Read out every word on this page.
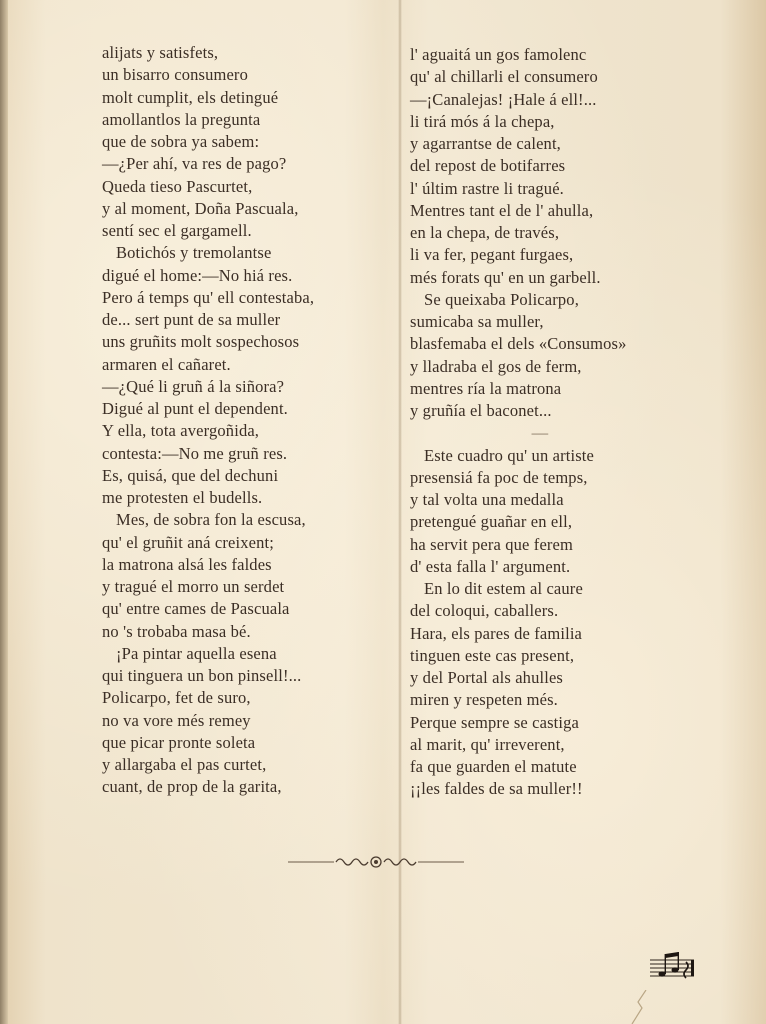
alijats y satisfets,
un bisarro consumero
molt cumplit, els detingué
amollantlos la pregunta
que de sobra ya sabem:
—¿Per ahí, va res de pago?
Queda tieso Pascurtet,
y al moment, Doña Pascuala,
sentí sec el gargamell.
Botichós y tremolantse
digué el home:—No hiá res.
Pero á temps qu' ell contestaba,
de... sert punt de sa muller
uns gruñits molt sospechosos
armaren el cañaret.
—¿Qué li gruñ á la siñora?
Digué al punt el dependent.
Y ella, tota avergoñida,
contesta:—No me gruñ res.
Es, quisá, que del dechuni
me protesten el budells.
Mes, de sobra fon la escusa,
qu' el gruñit aná creixent;
la matrona alsá les faldes
y tragué el morro un serdet
qu' entre cames de Pascuala
no 's trobaba masa bé.
¡Pa pintar aquella esena
qui tinguera un bon pinsell!...
Policarpo, fet de suro,
no va vore més remey
que picar pronte soleta
y allargaba el pas curtet,
cuant, de prop de la garita,
l' aguaitá un gos famolenc
qu' al chillarli el consumero
—¡Canalejas! ¡Hale á ell!...
li tirá mós á la chepa,
y agarrantse de calent,
del repost de botifarres
l' últim rastre li tragué.
Mentres tant el de l' ahulla,
en la chepa, de través,
li va fer, pegant furgaes,
més forats qu' en un garbell.
Se queixaba Policarpo,
sumicaba sa muller,
blasfemaba el dels «Consumos»
y lladraba el gos de ferm,
mentres ría la matrona
y gruñía el baconet...
—
Este cuadro qu' un artiste
presensiá fa poc de temps,
y tal volta una medalla
pretengué guañar en ell,
ha servit pera que ferem
d' esta falla l' argument.
En lo dit estem al caure
del coloqui, caballers.
Hara, els pares de familia
tinguen este cas present,
y del Portal als ahulles
miren y respeten més.
Perque sempre se castiga
al marit, qu' irreverent,
fa que guarden el matute
¡¡les faldes de sa muller!!
